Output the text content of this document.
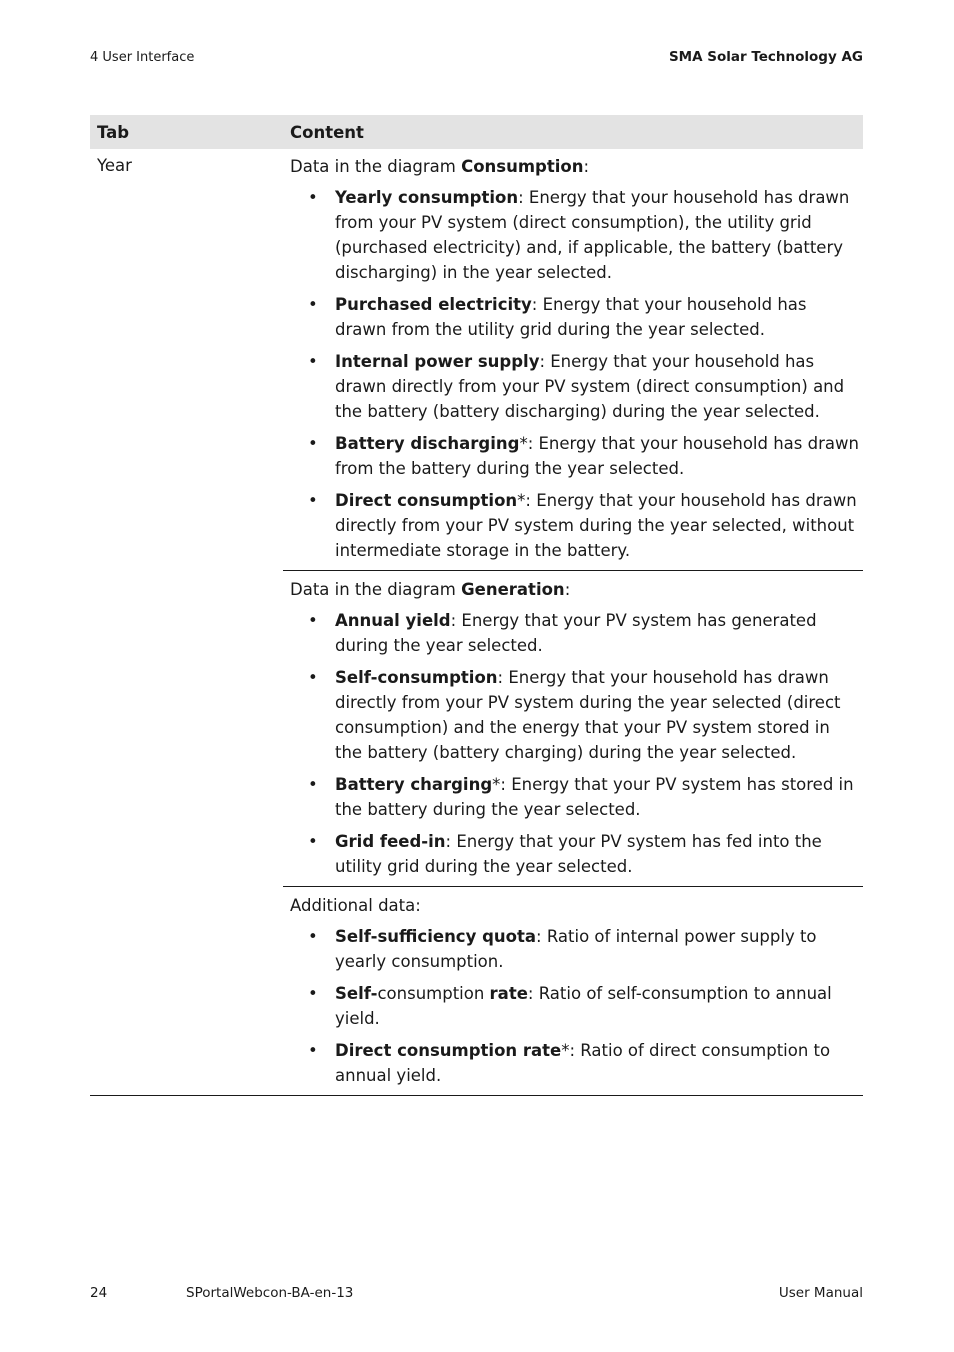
4 User Interface	SMA Solar Technology AG
Tab	Content
Year	Data in the diagram Consumption:
• Yearly consumption: Energy that your household has drawn from your PV system (direct consumption), the utility grid (purchased electricity) and, if applicable, the battery (battery discharging) in the year selected.
• Purchased electricity: Energy that your household has drawn from the utility grid during the year selected.
• Internal power supply: Energy that your household has drawn directly from your PV system (direct consumption) and the battery (battery discharging) during the year selected.
• Battery discharging*: Energy that your household has drawn from the battery during the year selected.
• Direct consumption*: Energy that your household has drawn directly from your PV system during the year selected, without intermediate storage in the battery.
Data in the diagram Generation:
• Annual yield: Energy that your PV system has generated during the year selected.
• Self-consumption: Energy that your household has drawn directly from your PV system during the year selected (direct consumption) and the energy that your PV system stored in the battery (battery charging) during the year selected.
• Battery charging*: Energy that your PV system has stored in the battery during the year selected.
• Grid feed-in: Energy that your PV system has fed into the utility grid during the year selected.
Additional data:
• Self-sufficiency quota: Ratio of internal power supply to yearly consumption.
• Self-consumption rate: Ratio of self-consumption to annual yield.
• Direct consumption rate*: Ratio of direct consumption to annual yield.
24	SPortalWebcon-BA-en-13	User Manual
